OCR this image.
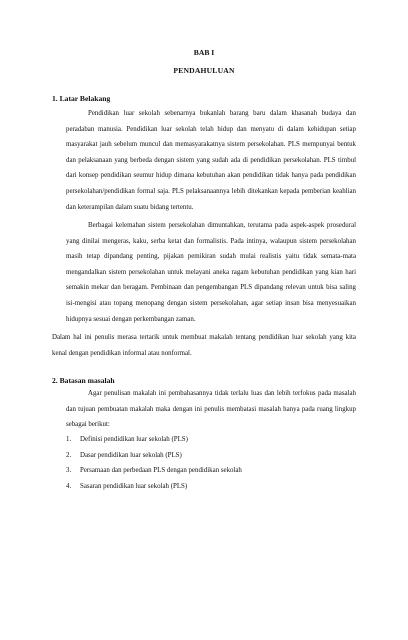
BAB I
PENDAHULUAN
1. Latar Belakang
Pendidikan luar sekolah sebenarnya bukanlah barang baru dalam khasanah budaya dan peradaban manusia. Pendidikan luar sekolah telah hidup dan menyatu di dalam kehidupan setiap masyarakat jauh sebelum muncul dan memasyarakatnya sistem persekolahan. PLS mempunyai bentuk dan pelaksanaan yang berbeda dengan sistem yang sudah ada di pendidikan persekolahan. PLS timbul dari konsep pendidikan seumur hidup dimana kebutuhan akan pendidikan tidak hanya pada pendidikan persekolahan/pendidikan formal saja. PLS pelaksanaannya lebih ditekankan kepada pemberian keahlian dan keterampilan dalam suatu bidang tertentu.
Berbagai kelemahan sistem persekolahan dimuntahkan, terutama pada aspek-aspek prosedural yang dinilai mengeras, kaku, serba ketat dan formalistis. Pada intinya, walaupun sistem persekolahan masih tetap dipandang penting, pijakan pemikiran sudah mulai realistis yaitu tidak semata-mata mengandalkan sistem persekolahan untuk melayani aneka ragam kebutuhan pendidikan yang kian hari semakin mekar dan beragam. Pembinaan dan pengembangan PLS dipandang relevan untuk bisa saling isi-mengisi atau topang menopang dengan sistem persekolahan, agar setiap insan bisa menyesuaikan hidupnya sesuai dengan perkembangan zaman.
Dalam hal ini penulis merasa tertarik untuk membuat makalah tentang pendidikan luar sekolah yang kita kenal dengan pendidikan informal atau nonformal.
2. Batasan masalah
Agar penulisan makalah ini pembahasannya tidak terlalu luas dan lebih terfokus pada masalah dan tujuan pembuatan makalah maka dengan ini penulis membatasi masalah hanya pada ruang lingkup sebagai berikut:
1.	Definisi pendidikan luar sekolah (PLS)
2.	Dasar pendidikan luar sekolah (PLS)
3.	Persamaan dan perbedaan PLS dengan pendidikan sekolah
4.	Sasaran pendidikan luar sekolah (PLS)
